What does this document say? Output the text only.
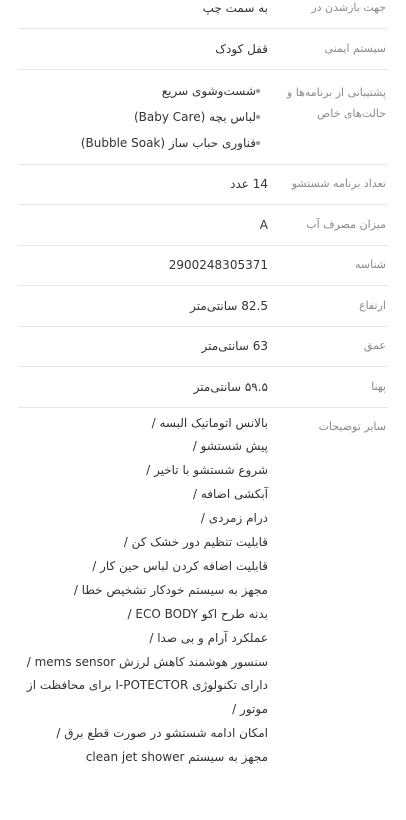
جهت بازشدن در
به سمت چپ
سیستم ایمنی
قفل کودک
پشتیبانی از برنامه‌ها و حالت‌های خاص
شست‌وشوی سریع
لباس بچه (Baby Care)
فناوری حباب ساز (Bubble Soak)
تعداد برنامه شستشو
14 عدد
میزان مصرف آب
A
شناسه
2900248305371
ارتفاع
82.5 سانتی‌متر
عمق
63 سانتی‌متر
پهنا
۵۹.۵ سانتی‌متر
سایر توضیحات
بالانس اتوماتیک البسه /
پیش شستشو /
شروع شستشو با تاخیر /
آبکشی اضافه /
درام زمردی /
قابلیت تنظیم دور خشک کن /
قابلیت اضافه کردن لباس حین کار /
مجهز به سیستم خودکار تشخیص خطا /
بدنه طرح اکو ECO BODY /
عملکرد آرام و بی صدا /
سنسور هوشمند کاهش لرزش mems sensor /
دارای تکنولوژی I-POTECTOR برای محافظت از
موتور /
امکان ادامه شستشو در صورت قطع برق /
مجهز به سیستم clean jet shower
